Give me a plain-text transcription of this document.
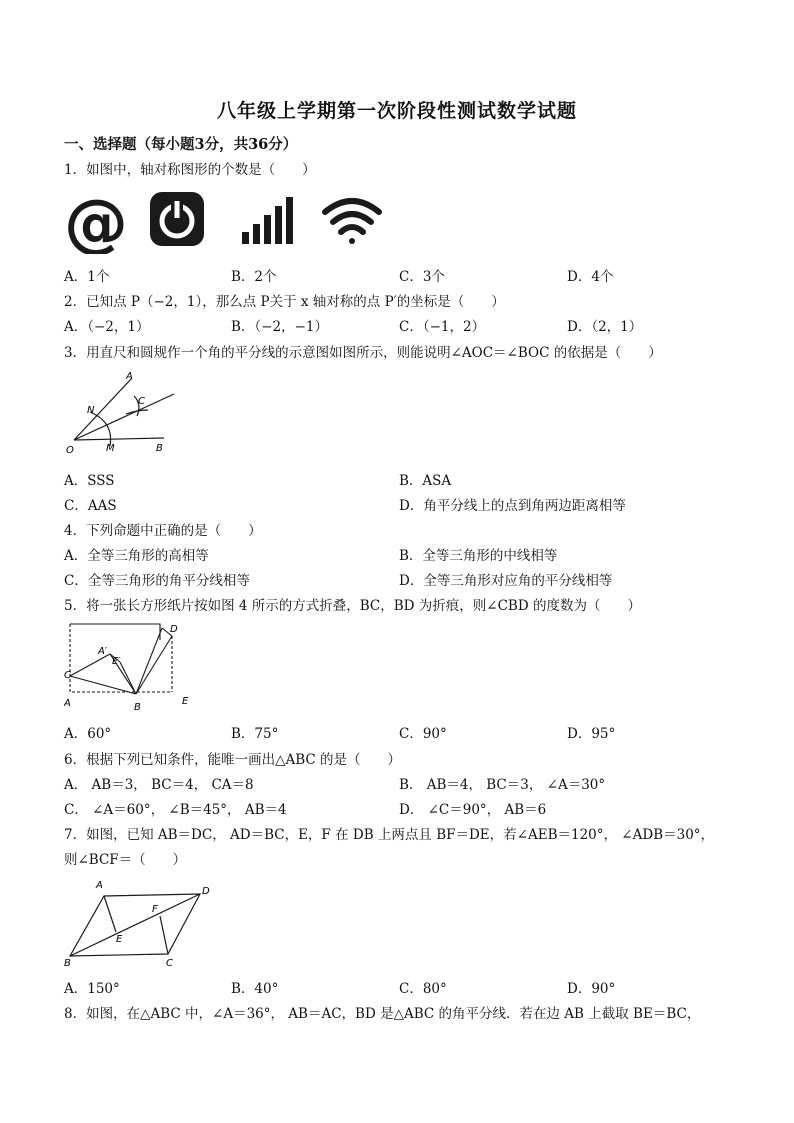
八年级上学期第一次阶段性测试数学试题
一、选择题（每小题3分，共36分）
1．如图中，轴对称图形的个数是（　　）
@
A．1个	B．2个	C．3个	D．4个
2．已知点 P（−2，1），那么点 P关于 x 轴对称的点 P′的坐标是（　　）
A．（−2，1）	B．（−2，−1）	C．（−1，2）	D．（2，1）
3．用直尺和圆规作一个角的平分线的示意图如图所示，则能说明∠AOC＝∠BOC 的依据是（　　）
A
C
N
O	M	B
A．SSS	B．ASA
C．AAS	D．角平分线上的点到角两边距离相等
4．下列命题中正确的是（　　）
A．全等三角形的高相等	B．全等三角形的中线相等
C．全等三角形的角平分线相等	D．全等三角形对应角的平分线相等
5．将一张长方形纸片按如图 4 所示的方式折叠，BC，BD 为折痕，则∠CBD 的度数为（　　）
D
A′
E′
C
A	B
E
A．60°	B．75°	C．90°	D．95°
6．根据下列已知条件，能唯一画出△ABC 的是（　　）
A． AB＝3， BC＝4， CA＝8	B． AB＝4， BC＝3， ∠A＝30°
C． ∠A＝60°， ∠B＝45°， AB＝4	D． ∠C＝90°， AB＝6
7．如图，已知 AB＝DC， AD＝BC，E，F 在 DB 上两点且 BF＝DE，若∠AEB＝120°， ∠ADB＝30°，
则∠BCF＝（　　）
A
D
F
E
B	C
A．150°	B．40°	C．80°	D．90°
8．如图，在△ABC 中，∠A＝36°， AB＝AC，BD 是△ABC 的角平分线．若在边 AB 上截取 BE＝BC，
